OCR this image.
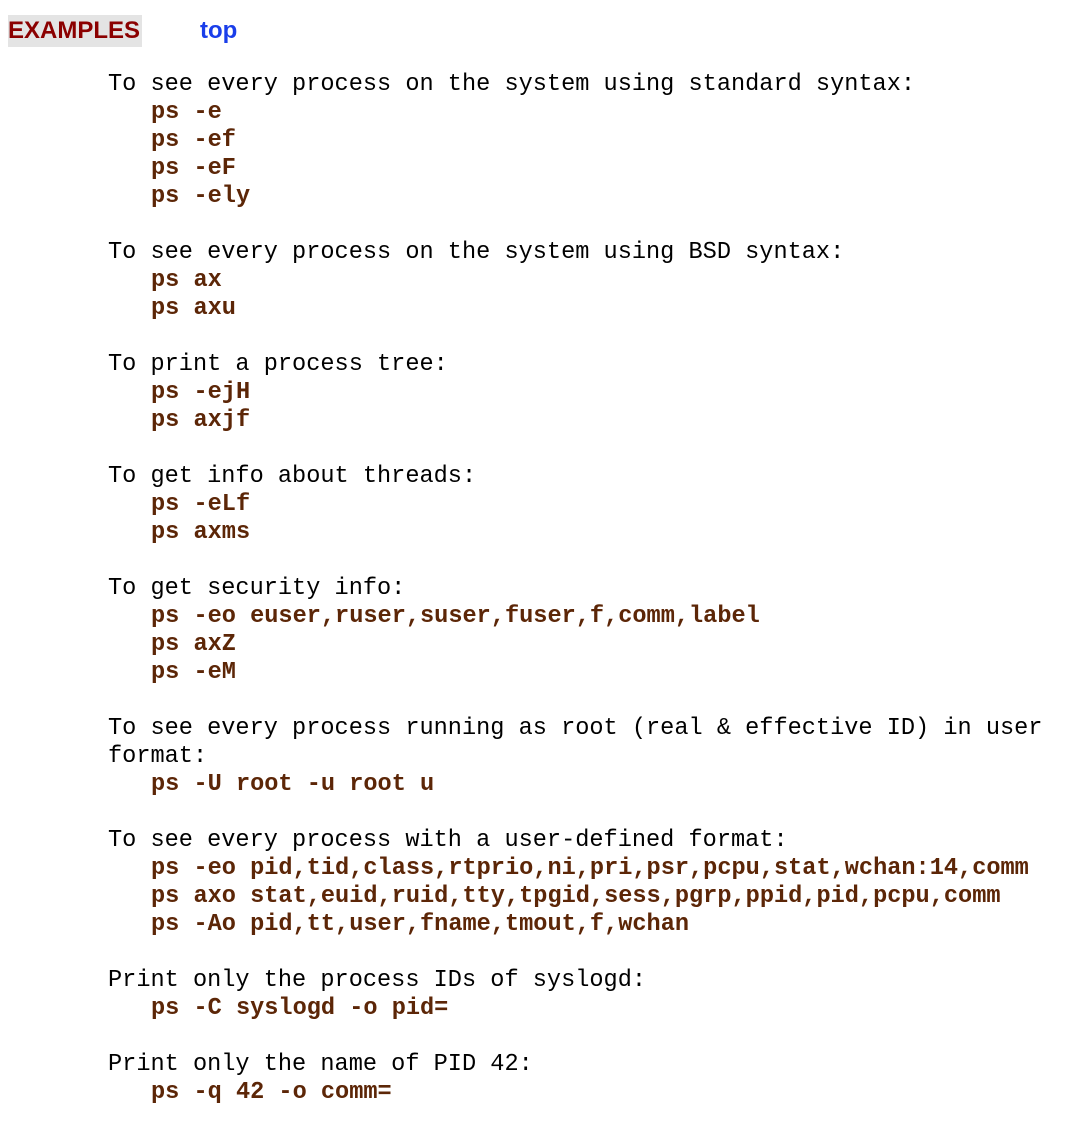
EXAMPLES	top
To see every process on the system using standard syntax:
ps -e
ps -ef
ps -eF
ps -ely
To see every process on the system using BSD syntax:
ps ax
ps axu
To print a process tree:
ps -ejH
ps axjf
To get info about threads:
ps -eLf
ps axms
To get security info:
ps -eo euser,ruser,suser,fuser,f,comm,label
ps axZ
ps -eM
To see every process running as root (real & effective ID) in user
format:
ps -U root -u root u
To see every process with a user-defined format:
ps -eo pid,tid,class,rtprio,ni,pri,psr,pcpu,stat,wchan:14,comm
ps axo stat,euid,ruid,tty,tpgid,sess,pgrp,ppid,pid,pcpu,comm
ps -Ao pid,tt,user,fname,tmout,f,wchan
Print only the process IDs of syslogd:
ps -C syslogd -o pid=
Print only the name of PID 42:
ps -q 42 -o comm=
